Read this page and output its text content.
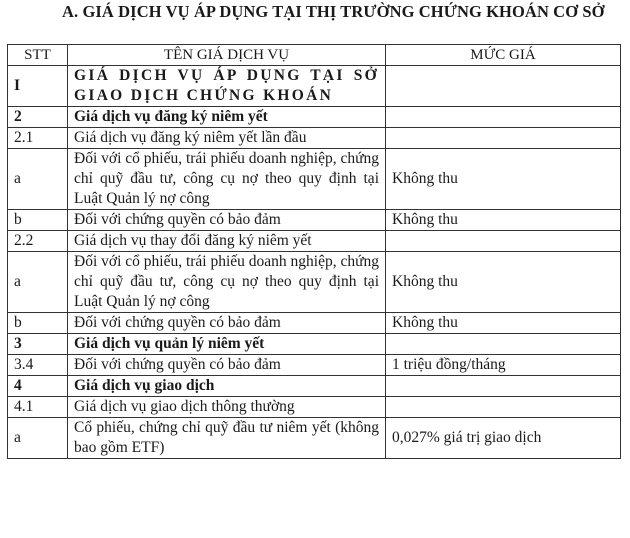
A. GIÁ DỊCH VỤ ÁP DỤNG TẠI THỊ TRƯỜNG CHỨNG KHOÁN CƠ SỞ
STT	TÊN GIÁ DỊCH VỤ	MỨC GIÁ
I	GIÁ DỊCH VỤ ÁP DỤNG TẠI SỞ GIAO DỊCH CHỨNG KHOÁN	
2	Giá dịch vụ đăng ký niêm yết	
2.1	Giá dịch vụ đăng ký niêm yết lần đầu	
a	Đối với cổ phiếu, trái phiếu doanh nghiệp, chứng chỉ quỹ đầu tư, công cụ nợ theo quy định tại Luật Quản lý nợ công	Không thu
b	Đối với chứng quyền có bảo đảm	Không thu
2.2	Giá dịch vụ thay đổi đăng ký niêm yết	
a	Đối với cổ phiếu, trái phiếu doanh nghiệp, chứng chỉ quỹ đầu tư, công cụ nợ theo quy định tại Luật Quản lý nợ công	Không thu
b	Đối với chứng quyền có bảo đảm	Không thu
3	Giá dịch vụ quản lý niêm yết	
3.4	Đối với chứng quyền có bảo đảm	1 triệu đồng/tháng
4	Giá dịch vụ giao dịch	
4.1	Giá dịch vụ giao dịch thông thường	
a	Cổ phiếu, chứng chỉ quỹ đầu tư niêm yết (không bao gồm ETF)	0,027% giá trị giao dịch
